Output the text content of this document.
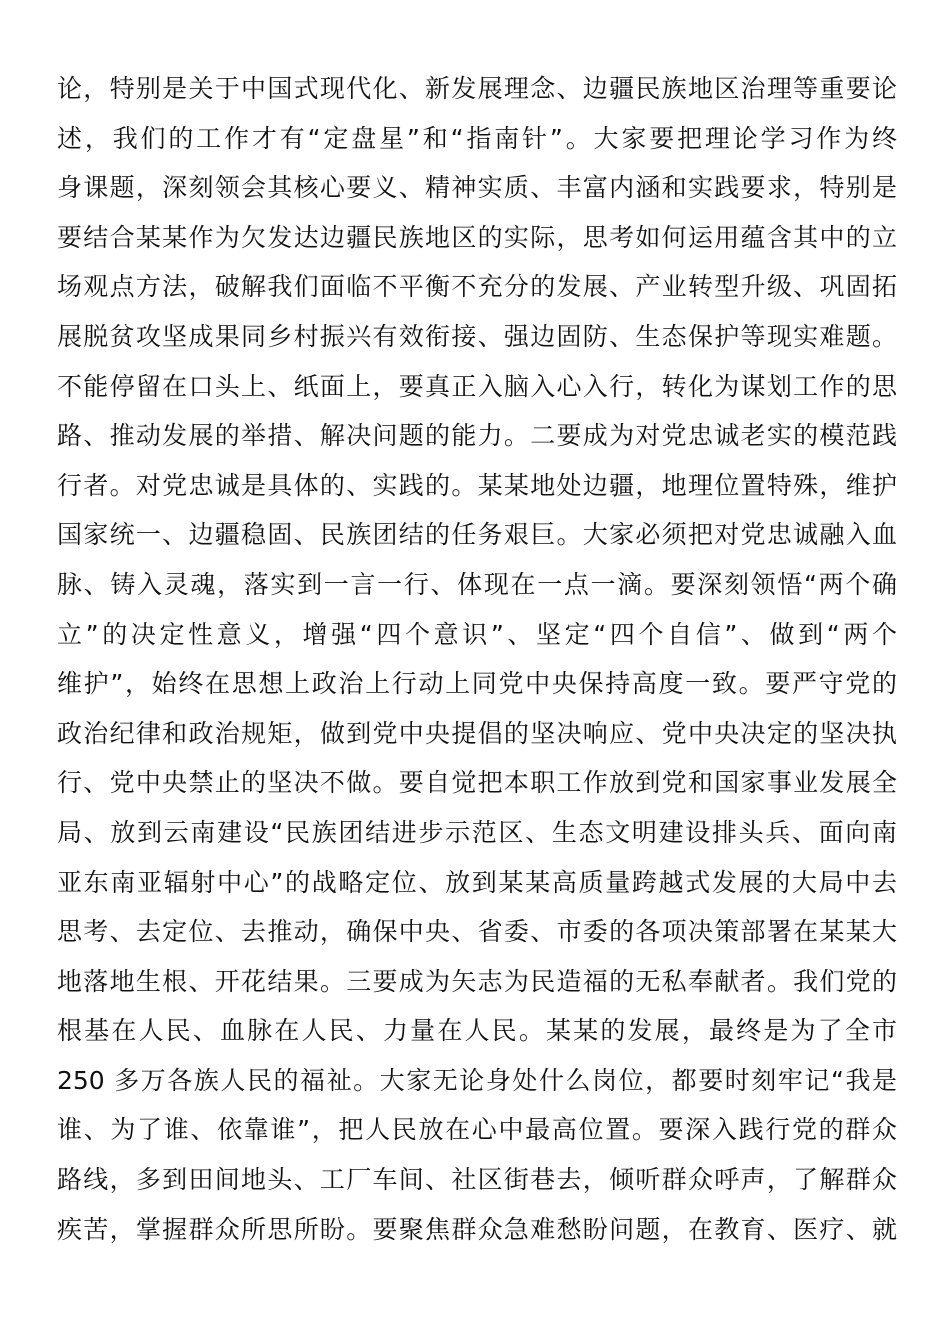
论，特别是关于中国式现代化、新发展理念、边疆民族地区治理等重要论
述，我们的工作才有“定盘星”和“指南针”。大家要把理论学习作为终
身课题，深刻领会其核心要义、精神实质、丰富内涵和实践要求，特别是
要结合某某作为欠发达边疆民族地区的实际，思考如何运用蕴含其中的立
场观点方法，破解我们面临不平衡不充分的发展、产业转型升级、巩固拓
展脱贫攻坚成果同乡村振兴有效衔接、强边固防、生态保护等现实难题。
不能停留在口头上、纸面上，要真正入脑入心入行，转化为谋划工作的思
路、推动发展的举措、解决问题的能力。二要成为对党忠诚老实的模范践
行者。对党忠诚是具体的、实践的。某某地处边疆，地理位置特殊，维护
国家统一、边疆稳固、民族团结的任务艰巨。大家必须把对党忠诚融入血
脉、铸入灵魂，落实到一言一行、体现在一点一滴。要深刻领悟“两个确
立”的决定性意义，增强“四个意识”、坚定“四个自信”、做到“两个
维护”，始终在思想上政治上行动上同党中央保持高度一致。要严守党的
政治纪律和政治规矩，做到党中央提倡的坚决响应、党中央决定的坚决执
行、党中央禁止的坚决不做。要自觉把本职工作放到党和国家事业发展全
局、放到云南建设“民族团结进步示范区、生态文明建设排头兵、面向南
亚东南亚辐射中心”的战略定位、放到某某高质量跨越式发展的大局中去
思考、去定位、去推动，确保中央、省委、市委的各项决策部署在某某大
地落地生根、开花结果。三要成为矢志为民造福的无私奉献者。我们党的
根基在人民、血脉在人民、力量在人民。某某的发展，最终是为了全市
250 多万各族人民的福祉。大家无论身处什么岗位，都要时刻牢记“我是
谁、为了谁、依靠谁”，把人民放在心中最高位置。要深入践行党的群众
路线，多到田间地头、工厂车间、社区街巷去，倾听群众呼声，了解群众
疾苦，掌握群众所思所盼。要聚焦群众急难愁盼问题，在教育、医疗、就
